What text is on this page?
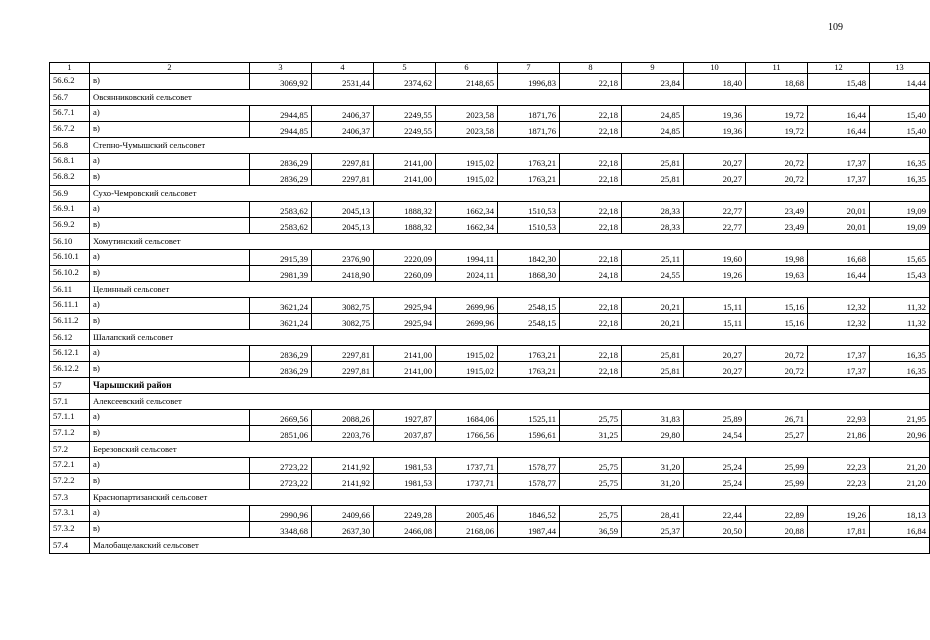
109
1	2	3	4	5	6	7	8	9	10	11	12	13
56.6.2	в)	3069,92	2531,44	2374,62	2148,65	1996,83	22,18	23,84	18,40	18,68	15,48	14,44
56.7	Овсянниковский сельсовет											
56.7.1	а)	2944,85	2406,37	2249,55	2023,58	1871,76	22,18	24,85	19,36	19,72	16,44	15,40
56.7.2	в)	2944,85	2406,37	2249,55	2023,58	1871,76	22,18	24,85	19,36	19,72	16,44	15,40
56.8	Степно-Чумышский сельсовет											
56.8.1	а)	2836,29	2297,81	2141,00	1915,02	1763,21	22,18	25,81	20,27	20,72	17,37	16,35
56.8.2	в)	2836,29	2297,81	2141,00	1915,02	1763,21	22,18	25,81	20,27	20,72	17,37	16,35
56.9	Сухо-Чемровский сельсовет											
56.9.1	а)	2583,62	2045,13	1888,32	1662,34	1510,53	22,18	28,33	22,77	23,49	20,01	19,09
56.9.2	в)	2583,62	2045,13	1888,32	1662,34	1510,53	22,18	28,33	22,77	23,49	20,01	19,09
56.10	Хомутинский сельсовет											
56.10.1	а)	2915,39	2376,90	2220,09	1994,11	1842,30	22,18	25,11	19,60	19,98	16,68	15,65
56.10.2	в)	2981,39	2418,90	2260,09	2024,11	1868,30	24,18	24,55	19,26	19,63	16,44	15,43
56.11	Целинный сельсовет											
56.11.1	а)	3621,24	3082,75	2925,94	2699,96	2548,15	22,18	20,21	15,11	15,16	12,32	11,32
56.11.2	в)	3621,24	3082,75	2925,94	2699,96	2548,15	22,18	20,21	15,11	15,16	12,32	11,32
56.12	Шалапский сельсовет											
56.12.1	а)	2836,29	2297,81	2141,00	1915,02	1763,21	22,18	25,81	20,27	20,72	17,37	16,35
56.12.2	в)	2836,29	2297,81	2141,00	1915,02	1763,21	22,18	25,81	20,27	20,72	17,37	16,35
57	Чарышский район											
57.1	Алексеевский сельсовет											
57.1.1	а)	2669,56	2088,26	1927,87	1684,06	1525,11	25,75	31,83	25,89	26,71	22,93	21,95
57.1.2	в)	2851,06	2203,76	2037,87	1766,56	1596,61	31,25	29,80	24,54	25,27	21,86	20,96
57.2	Березовский сельсовет											
57.2.1	а)	2723,22	2141,92	1981,53	1737,71	1578,77	25,75	31,20	25,24	25,99	22,23	21,20
57.2.2	в)	2723,22	2141,92	1981,53	1737,71	1578,77	25,75	31,20	25,24	25,99	22,23	21,20
57.3	Краснопартизанский сельсовет											
57.3.1	а)	2990,96	2409,66	2249,28	2005,46	1846,52	25,75	28,41	22,44	22,89	19,26	18,13
57.3.2	в)	3348,68	2637,30	2466,08	2168,06	1987,44	36,59	25,37	20,50	20,88	17,81	16,84
57.4	Малобащелакский сельсовет											
